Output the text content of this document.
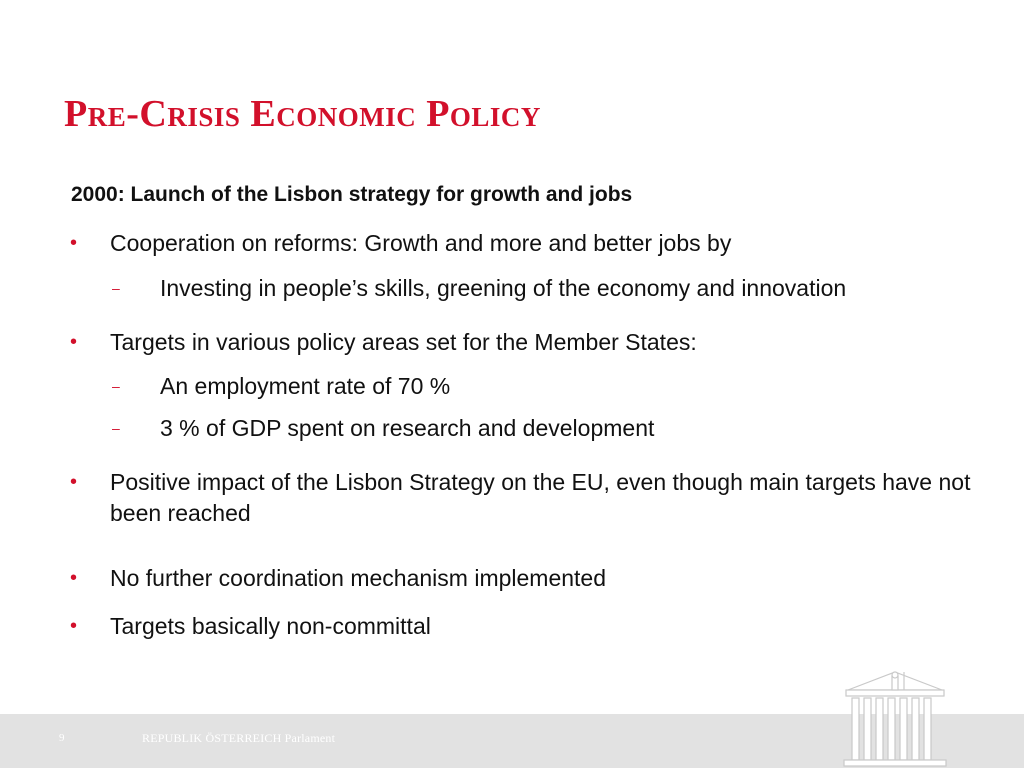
Pre-Crisis Economic Policy
2000: Launch of the Lisbon strategy for growth and jobs
• Cooperation on reforms: Growth and more and better jobs by
– Investing in people’s skills, greening of the economy and innovation
• Targets in various policy areas set for the Member States:
– An employment rate of 70 %
– 3 % of GDP spent on research and development
• Positive impact of the Lisbon Strategy on the EU, even though main targets have not been reached
• No further coordination mechanism implemented
• Targets basically non-committal
9	REPUBLIK ÖSTERREICH Parlament
